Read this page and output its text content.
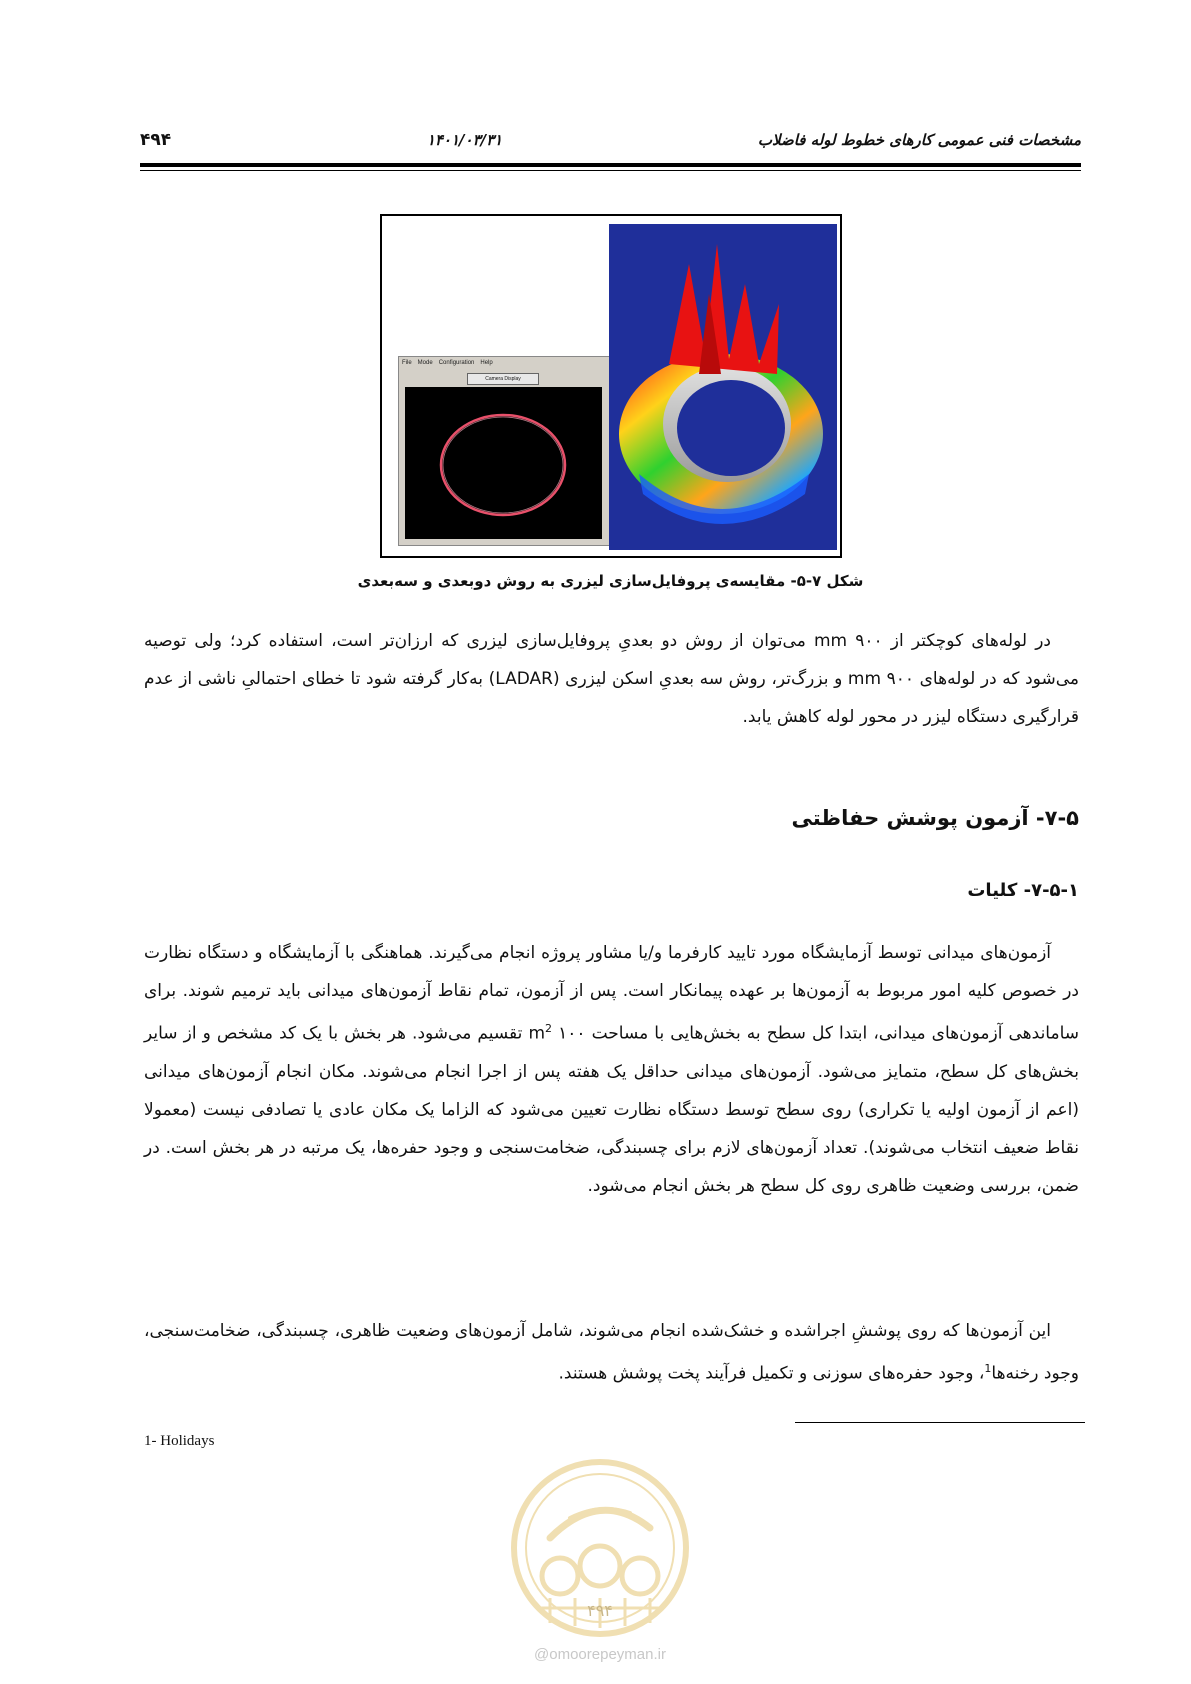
مشخصات فنی عمومی کارهای خطوط لوله فاضلاب
۱۴۰۱/۰۳/۳۱
۴۹۴
File Mode Configuration Help
Camera Display
شکل ۷-۵- مقایسه‌ی پروفایل‌سازی لیزری به روش دوبعدی و سه‌بعدی

در لوله‌های کوچکتر از ۹۰۰ mm می‌توان از روش دو بعدیِ پروفایل‌سازی لیزری که ارزان‌تر است، استفاده کرد؛ ولی توصیه می‌شود که در لوله‌های ۹۰۰ mm و بزرگ‌تر، روش سه بعدیِ اسکن لیزری (LADAR) به‌کار گرفته شود تا خطای احتمالیِ ناشی از عدم قرارگیری دستگاه لیزر در محور لوله کاهش یابد.

۷-۵- آزمون پوشش حفاظتی
۷-۵-۱- کلیات

آزمون‌های میدانی توسط آزمایشگاه مورد تایید کارفرما و/یا مشاور پروژه انجام می‌گیرند. هماهنگی با آزمایشگاه و دستگاه نظارت در خصوص کلیه امور مربوط به آزمون‌ها بر عهده پیمانکار است. پس از آزمون، تمام نقاط آزمون‌های میدانی باید ترمیم شوند. برای ساماندهی آزمون‌های میدانی، ابتدا کل سطح به بخش‌هایی با مساحت ۱۰۰ $m^2$ تقسیم می‌شود. هر بخش با یک کد مشخص و از سایر بخش‌های کل سطح، متمایز می‌شود. آزمون‌های میدانی حداقل یک هفته پس از اجرا انجام می‌شوند. مکان انجام آزمون‌های میدانی (اعم از آزمون اولیه یا تکراری) روی سطح توسط دستگاه نظارت تعیین می‌شود که الزاما یک مکان عادی یا تصادفی نیست (معمولا نقاط ضعیف انتخاب می‌شوند). تعداد آزمون‌های لازم برای چسبندگی، ضخامت‌سنجی و وجود حفره‌ها، یک مرتبه در هر بخش است. در ضمن، بررسی وضعیت ظاهری روی کل سطح هر بخش انجام می‌شود.

این آزمون‌ها که روی پوششِ اجراشده و خشک‌شده انجام می‌شوند، شامل آزمون‌های وضعیت ظاهری، چسبندگی، ضخامت‌سنجی، وجود رخنه‌ها$^1$، وجود حفره‌های سوزنی و تکمیل فرآیند پخت پوشش هستند.

1- Holidays
۴۹۴
@omoorepeyman.ir
